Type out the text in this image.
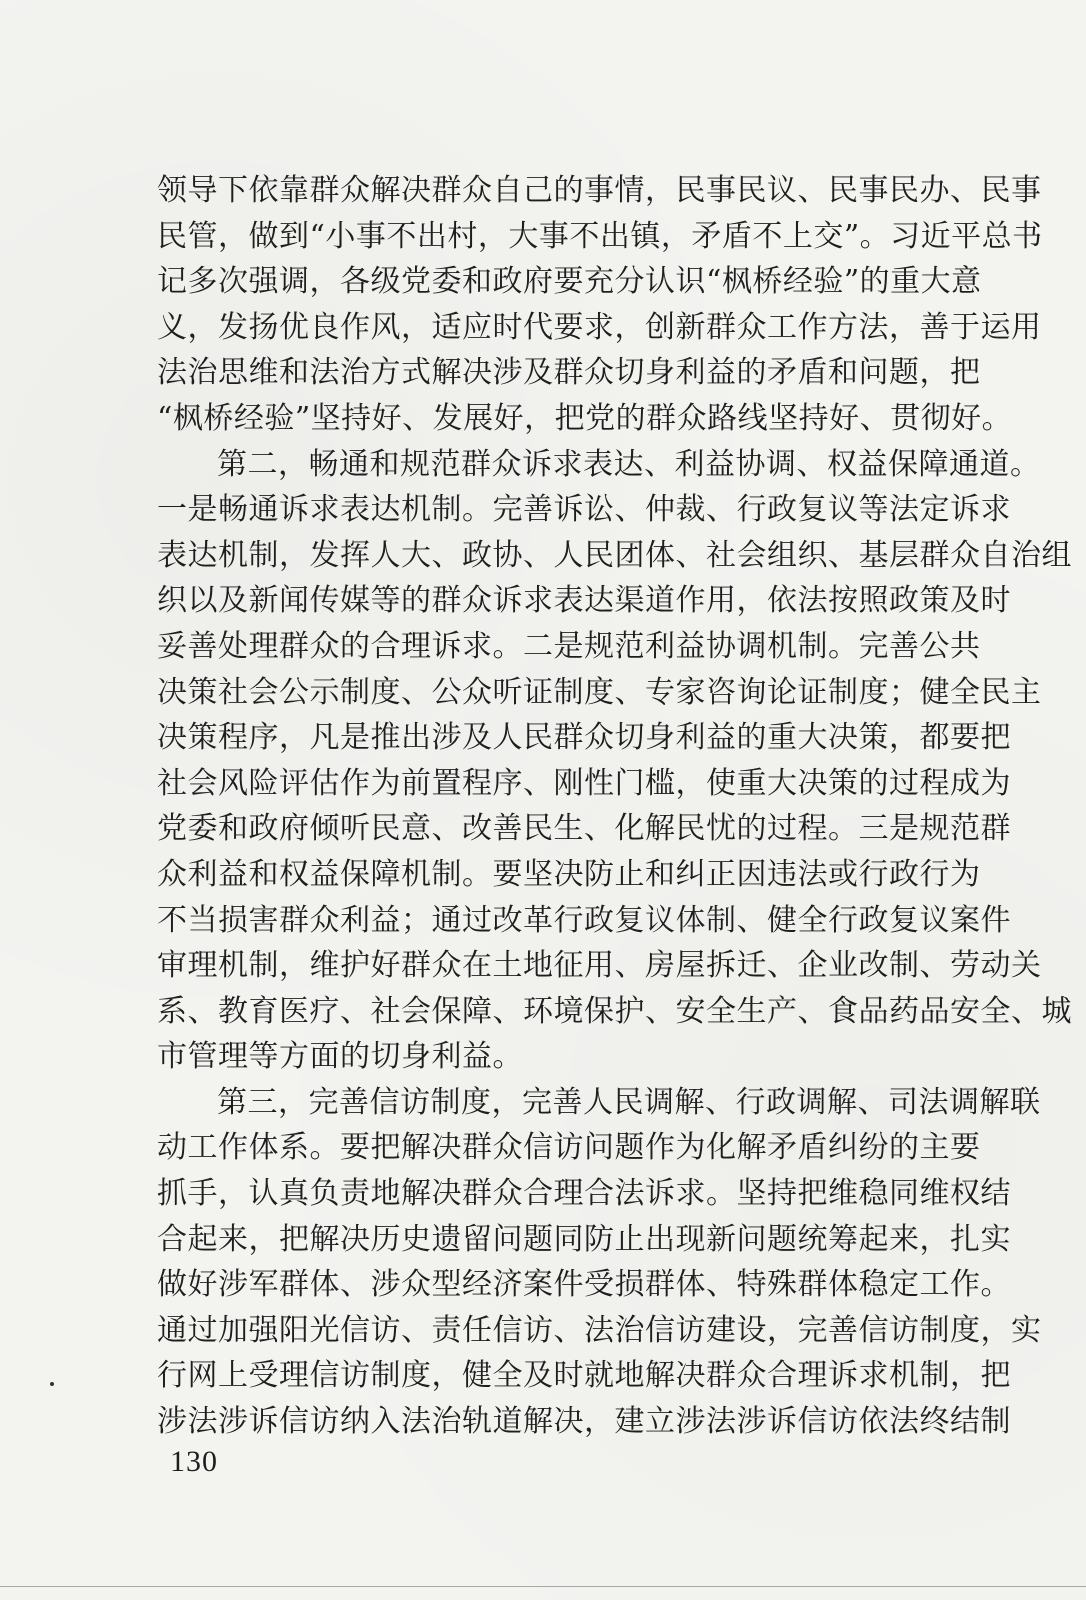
领导下依靠群众解决群众自己的事情，民事民议、民事民办、民事
民管，做到“小事不出村，大事不出镇，矛盾不上交”。习近平总书
记多次强调，各级党委和政府要充分认识“枫桥经验”的重大意
义，发扬优良作风，适应时代要求，创新群众工作方法，善于运用
法治思维和法治方式解决涉及群众切身利益的矛盾和问题，把
“枫桥经验”坚持好、发展好，把党的群众路线坚持好、贯彻好。
第二，畅通和规范群众诉求表达、利益协调、权益保障通道。
一是畅通诉求表达机制。完善诉讼、仲裁、行政复议等法定诉求
表达机制，发挥人大、政协、人民团体、社会组织、基层群众自治组
织以及新闻传媒等的群众诉求表达渠道作用，依法按照政策及时
妥善处理群众的合理诉求。二是规范利益协调机制。完善公共
决策社会公示制度、公众听证制度、专家咨询论证制度；健全民主
决策程序，凡是推出涉及人民群众切身利益的重大决策，都要把
社会风险评估作为前置程序、刚性门槛，使重大决策的过程成为
党委和政府倾听民意、改善民生、化解民忧的过程。三是规范群
众利益和权益保障机制。要坚决防止和纠正因违法或行政行为
不当损害群众利益；通过改革行政复议体制、健全行政复议案件
审理机制，维护好群众在土地征用、房屋拆迁、企业改制、劳动关
系、教育医疗、社会保障、环境保护、安全生产、食品药品安全、城
市管理等方面的切身利益。
第三，完善信访制度，完善人民调解、行政调解、司法调解联
动工作体系。要把解决群众信访问题作为化解矛盾纠纷的主要
抓手，认真负责地解决群众合理合法诉求。坚持把维稳同维权结
合起来，把解决历史遗留问题同防止出现新问题统筹起来，扎实
做好涉军群体、涉众型经济案件受损群体、特殊群体稳定工作。
通过加强阳光信访、责任信访、法治信访建设，完善信访制度，实
行网上受理信访制度，健全及时就地解决群众合理诉求机制，把
涉法涉诉信访纳入法治轨道解决，建立涉法涉诉信访依法终结制
130
